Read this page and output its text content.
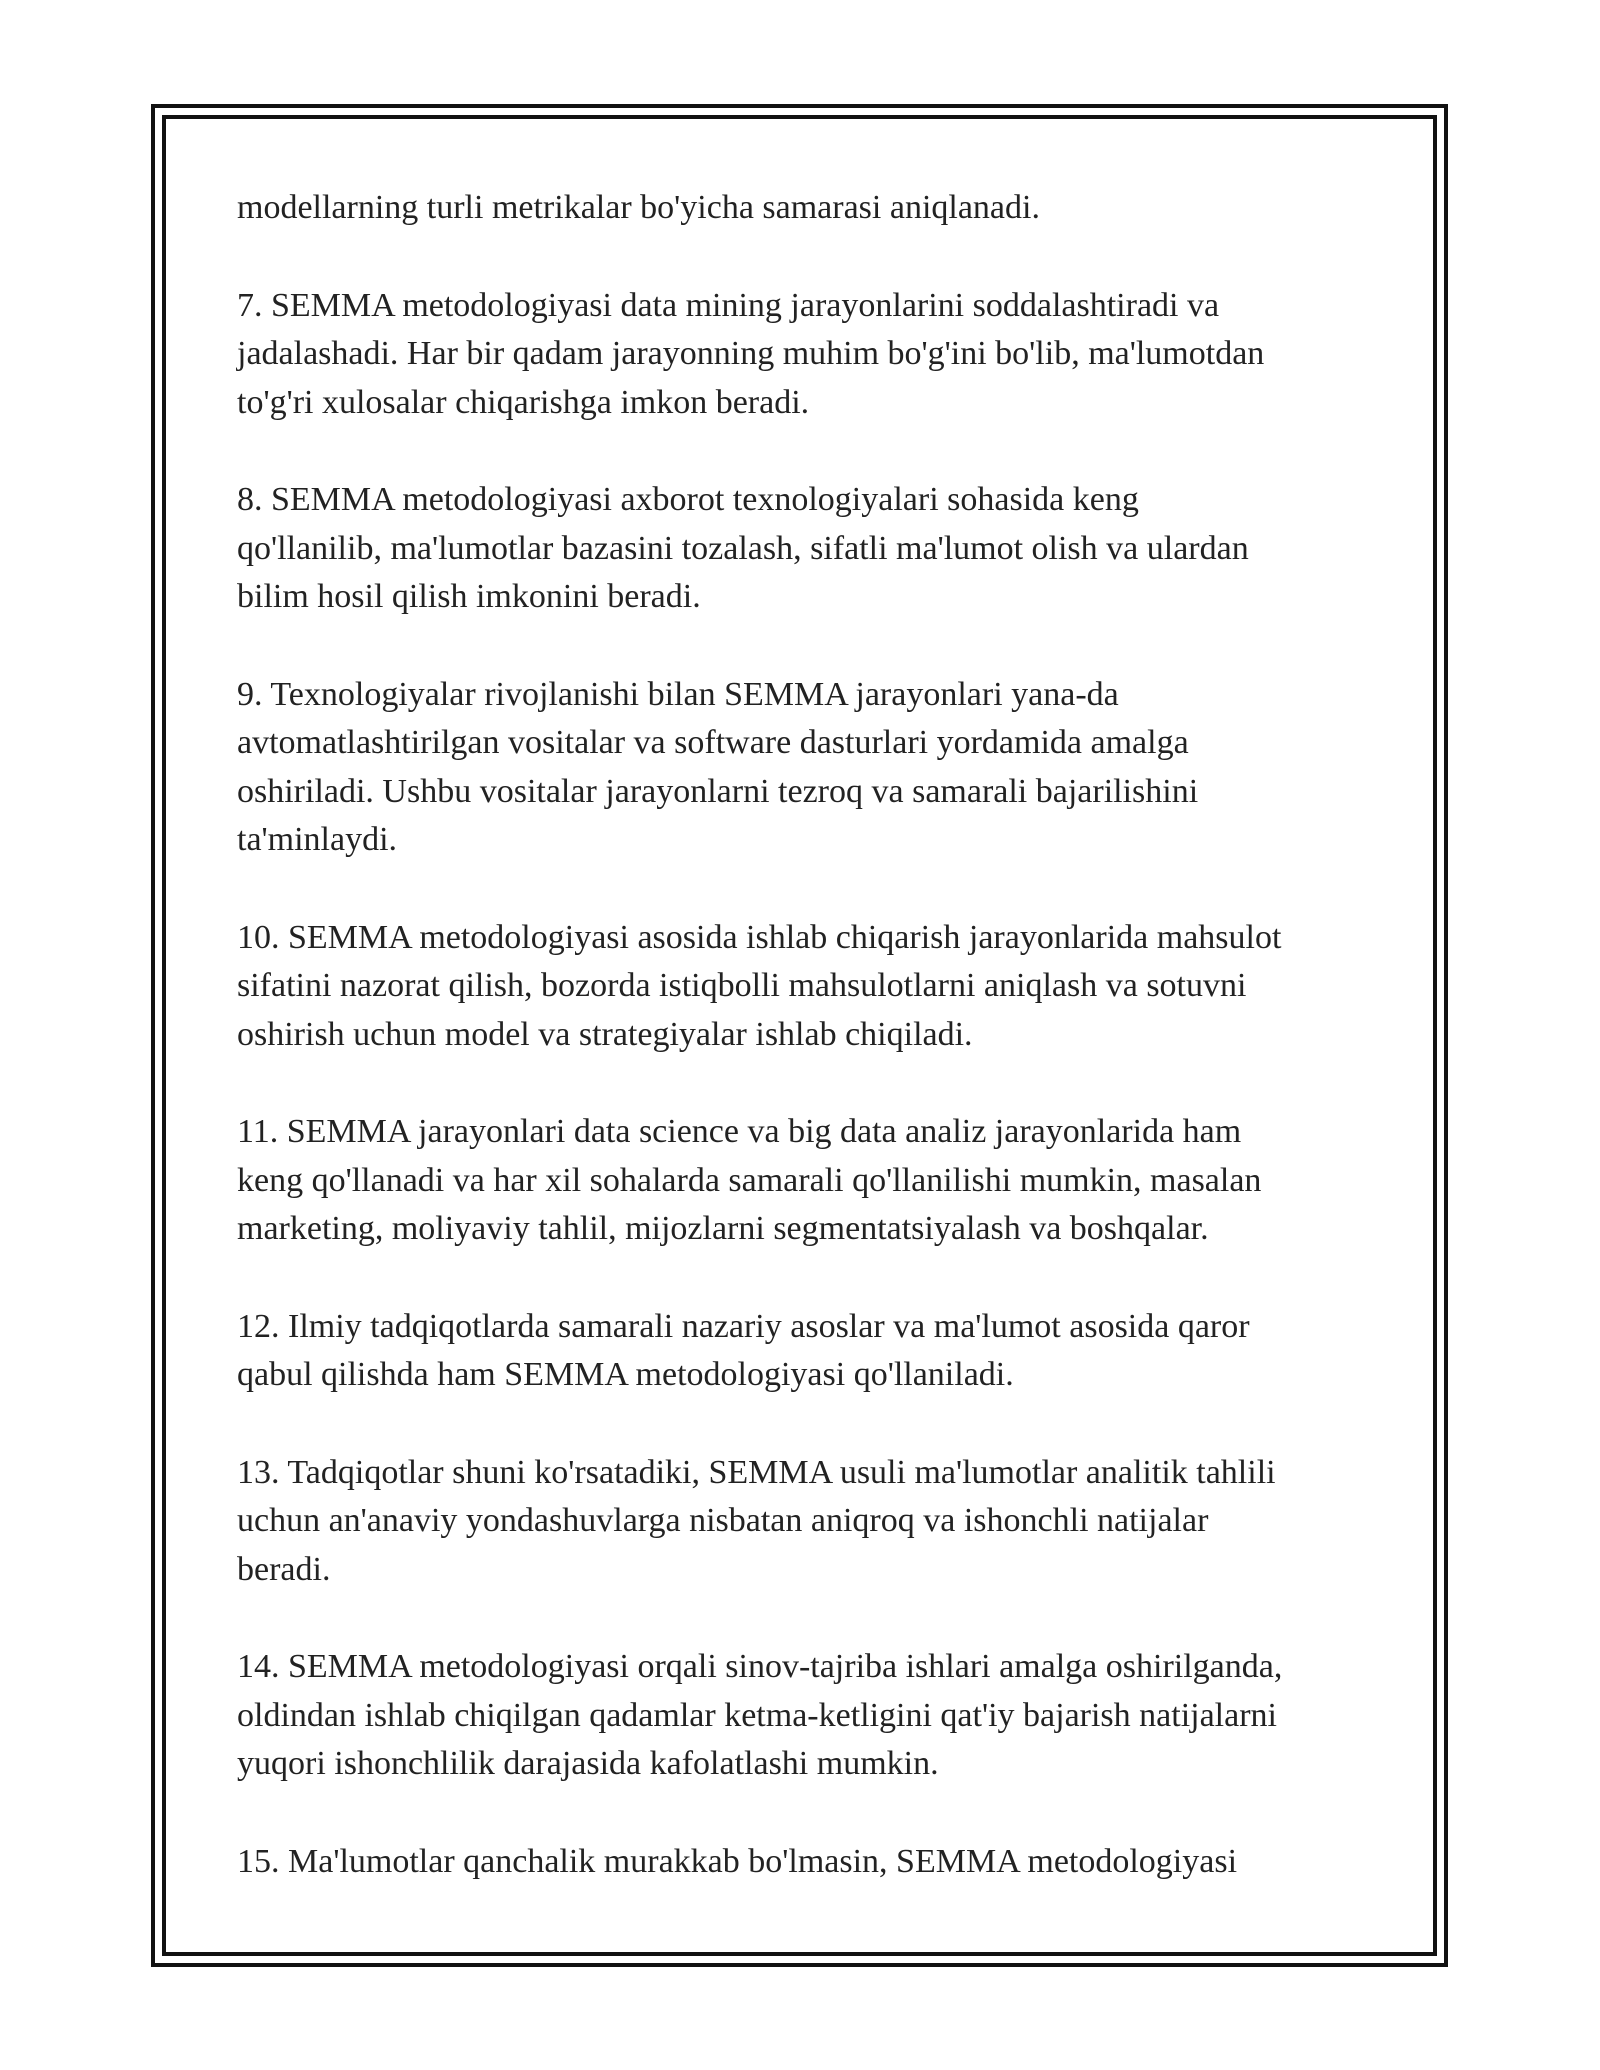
modellarning turli metrikalar bo'yicha samarasi aniqlanadi.

7. SEMMA metodologiyasi data mining jarayonlarini soddalashtiradi va
jadalashadi. Har bir qadam jarayonning muhim bo'g'ini bo'lib, ma'lumotdan
to'g'ri xulosalar chiqarishga imkon beradi.

8. SEMMA metodologiyasi axborot texnologiyalari sohasida keng
qo'llanilib, ma'lumotlar bazasini tozalash, sifatli ma'lumot olish va ulardan
bilim hosil qilish imkonini beradi.

9. Texnologiyalar rivojlanishi bilan SEMMA jarayonlari yana-da
avtomatlashtirilgan vositalar va software dasturlari yordamida amalga
oshiriladi. Ushbu vositalar jarayonlarni tezroq va samarali bajarilishini
ta'minlaydi.

10. SEMMA metodologiyasi asosida ishlab chiqarish jarayonlarida mahsulot
sifatini nazorat qilish, bozorda istiqbolli mahsulotlarni aniqlash va sotuvni
oshirish uchun model va strategiyalar ishlab chiqiladi.

11. SEMMA jarayonlari data science va big data analiz jarayonlarida ham
keng qo'llanadi va har xil sohalarda samarali qo'llanilishi mumkin, masalan
marketing, moliyaviy tahlil, mijozlarni segmentatsiyalash va boshqalar.

12. Ilmiy tadqiqotlarda samarali nazariy asoslar va ma'lumot asosida qaror
qabul qilishda ham SEMMA metodologiyasi qo'llaniladi.

13. Tadqiqotlar shuni ko'rsatadiki, SEMMA usuli ma'lumotlar analitik tahlili
uchun an'anaviy yondashuvlarga nisbatan aniqroq va ishonchli natijalar
beradi.

14. SEMMA metodologiyasi orqali sinov-tajriba ishlari amalga oshirilganda,
oldindan ishlab chiqilgan qadamlar ketma-ketligini qat'iy bajarish natijalarni
yuqori ishonchlilik darajasida kafolatlashi mumkin.

15. Ma'lumotlar qanchalik murakkab bo'lmasin, SEMMA metodologiyasi
